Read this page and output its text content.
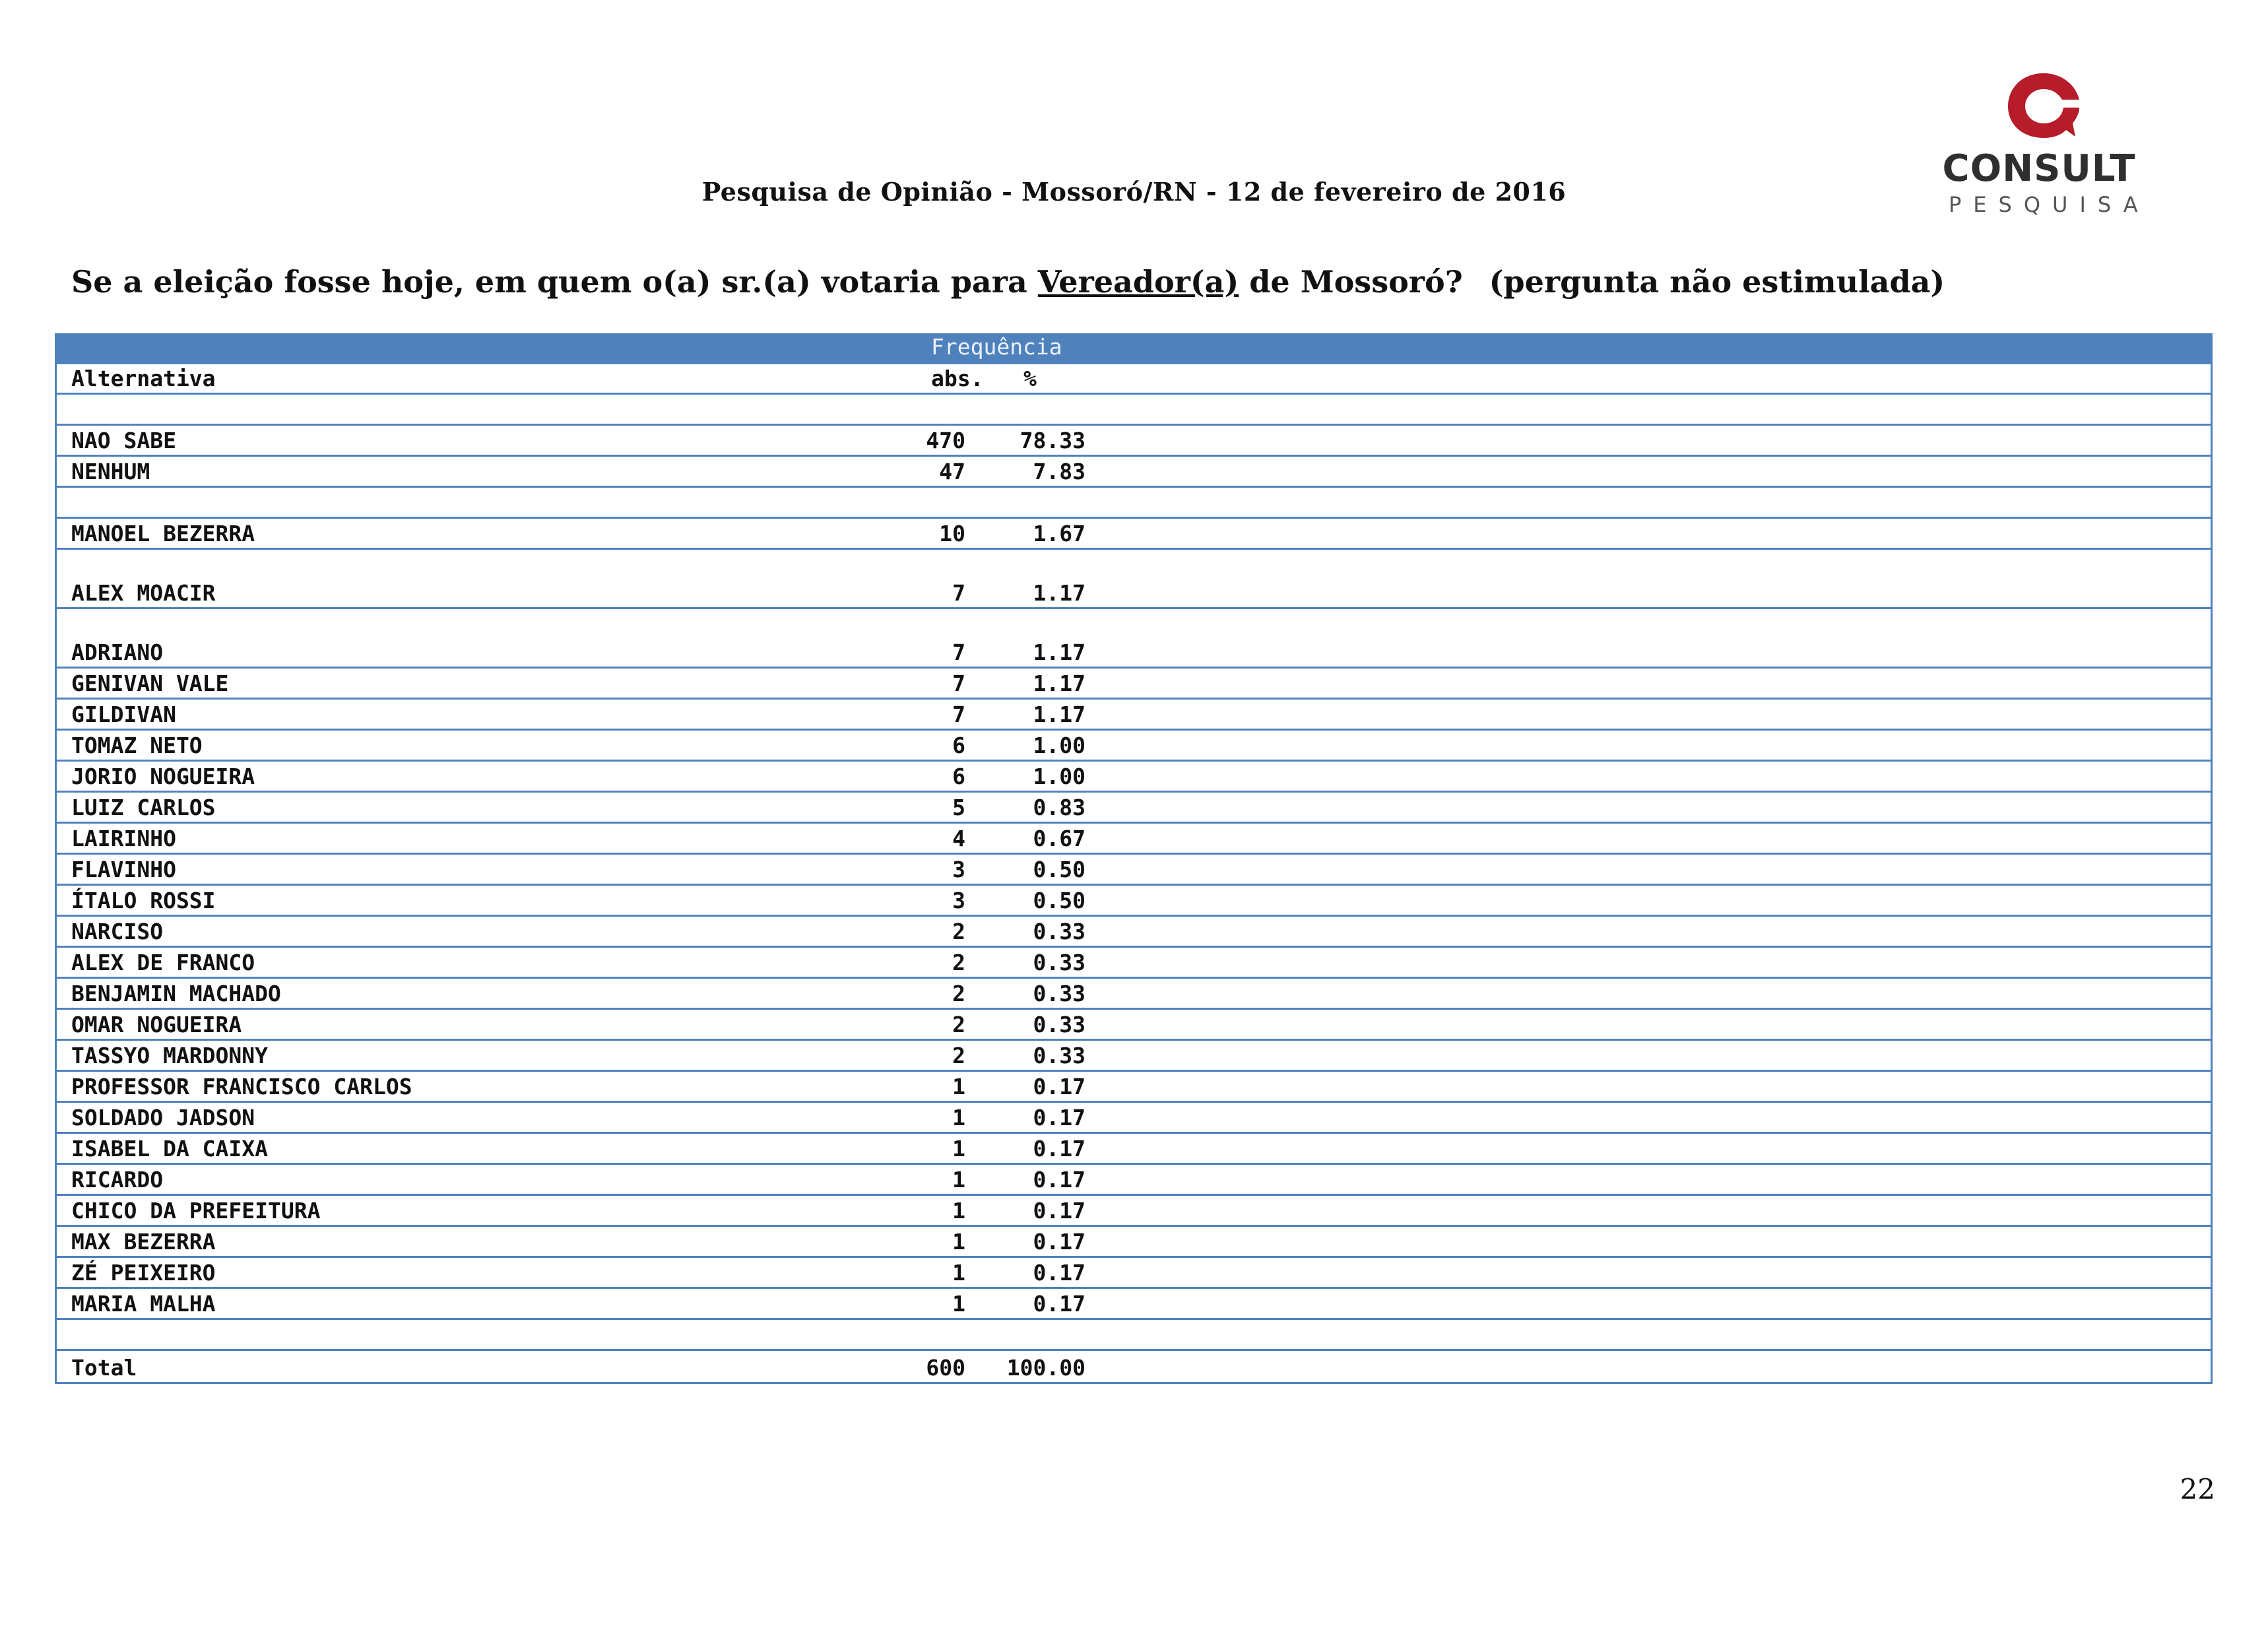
Pesquisa de Opinião - Mossoró/RN - 12 de fevereiro de 2016
CONSULT
PESQUISA
Se a eleição fosse hoje, em quem o(a) sr.(a) votaria para Vereador(a) de Mossoró? (pergunta não estimulada)
Frequência
Alternativa	abs. %
NAO SABE	470	78.33
NENHUM	47	7.83
MANOEL BEZERRA	10	1.67
ALEX MOACIR	7	1.17
ADRIANO	7	1.17
GENIVAN VALE	7	1.17
GILDIVAN	7	1.17
TOMAZ NETO	6	1.00
JORIO NOGUEIRA	6	1.00
LUIZ CARLOS	5	0.83
LAIRINHO	4	0.67
FLAVINHO	3	0.50
ÍTALO ROSSI	3	0.50
NARCISO	2	0.33
ALEX DE FRANCO	2	0.33
BENJAMIN MACHADO	2	0.33
OMAR NOGUEIRA	2	0.33
TASSYO MARDONNY	2	0.33
PROFESSOR FRANCISCO CARLOS	1	0.17
SOLDADO JADSON	1	0.17
ISABEL DA CAIXA	1	0.17
RICARDO	1	0.17
CHICO DA PREFEITURA	1	0.17
MAX BEZERRA	1	0.17
ZÉ PEIXEIRO	1	0.17
MARIA MALHA	1	0.17
Total	600 100.00
22
